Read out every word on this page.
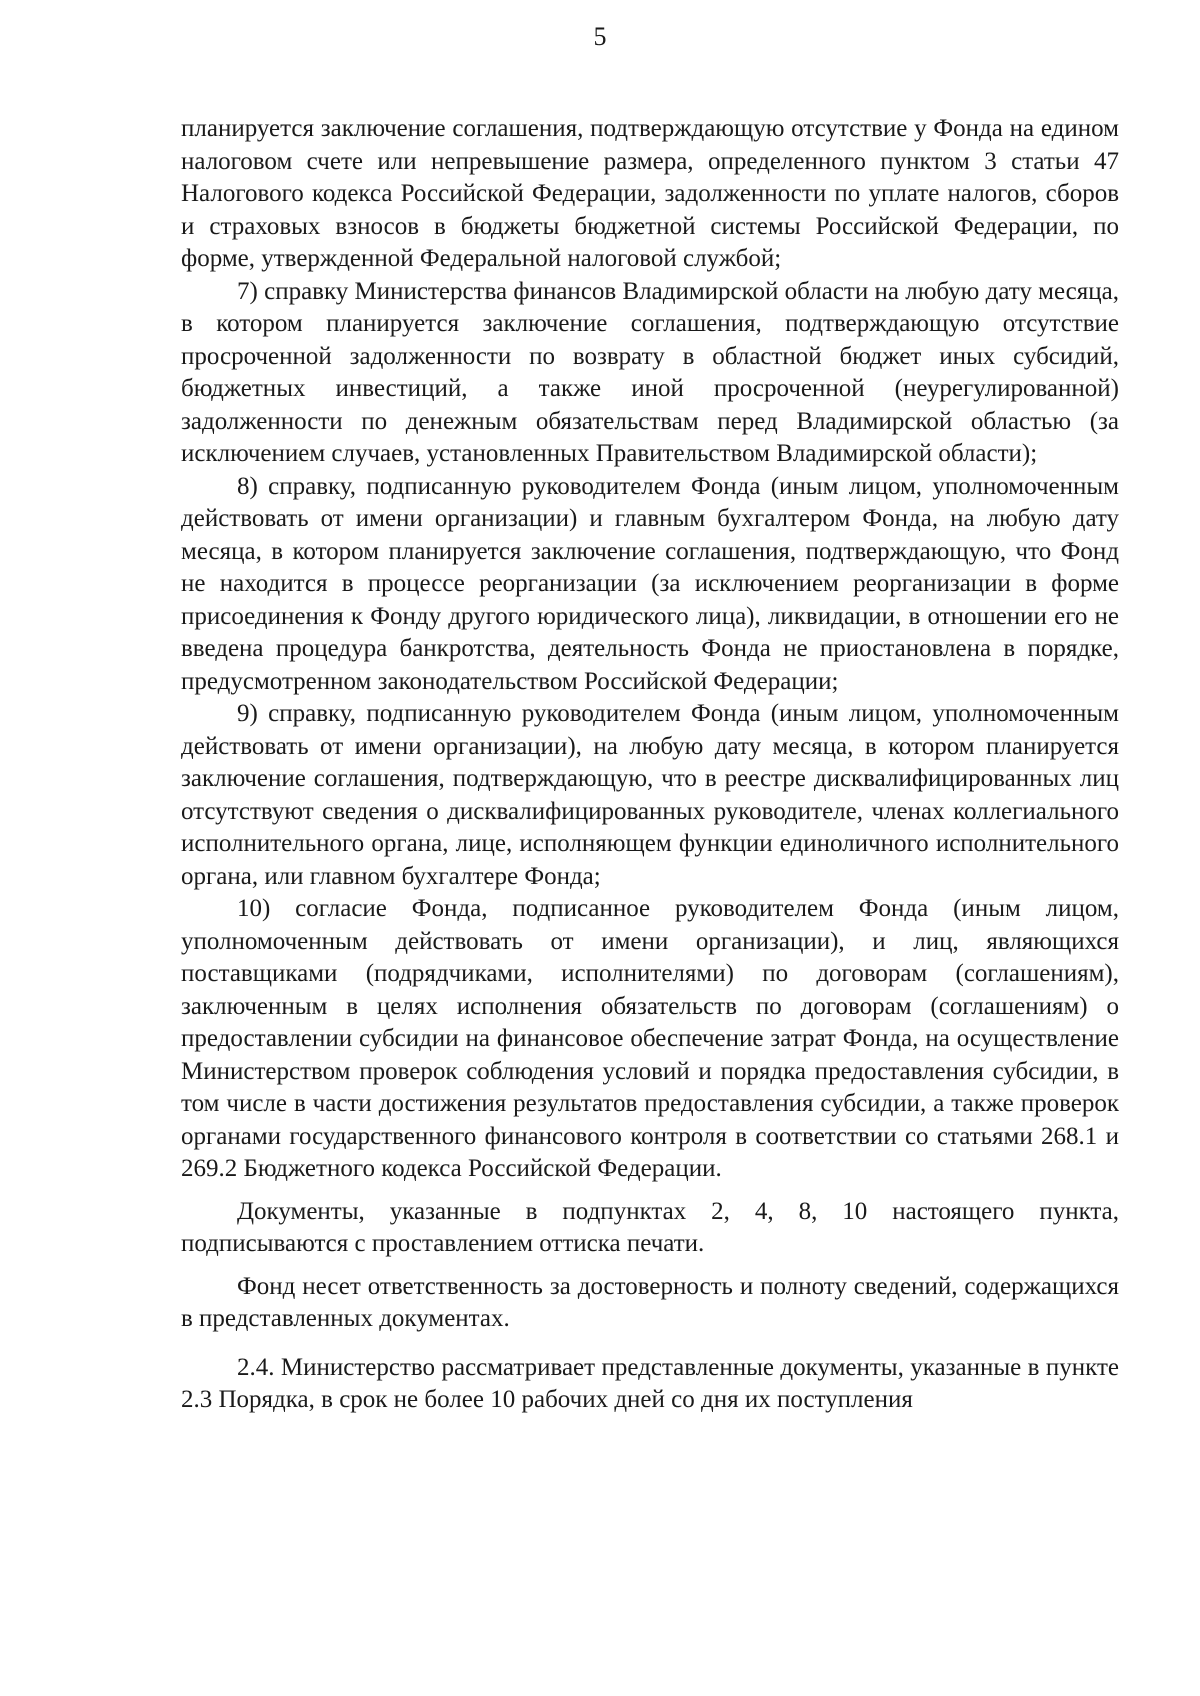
5

планируется заключение соглашения, подтверждающую отсутствие у Фонда на едином налоговом счете или непревышение размера, определенного пунктом 3 статьи 47 Налогового кодекса Российской Федерации, задолженности по уплате налогов, сборов и страховых взносов в бюджеты бюджетной системы Российской Федерации, по форме, утвержденной Федеральной налоговой службой;

7) справку Министерства финансов Владимирской области на любую дату месяца, в котором планируется заключение соглашения, подтверждающую отсутствие просроченной задолженности по возврату в областной бюджет иных субсидий, бюджетных инвестиций, а также иной просроченной (неурегулированной) задолженности по денежным обязательствам перед Владимирской областью (за исключением случаев, установленных Правительством Владимирской области);

8) справку, подписанную руководителем Фонда (иным лицом, уполномоченным действовать от имени организации) и главным бухгалтером Фонда, на любую дату месяца, в котором планируется заключение соглашения, подтверждающую, что Фонд не находится в процессе реорганизации (за исключением реорганизации в форме присоединения к Фонду другого юридического лица), ликвидации, в отношении его не введена процедура банкротства, деятельность Фонда не приостановлена в порядке, предусмотренном законодательством Российской Федерации;

9) справку, подписанную руководителем Фонда (иным лицом, уполномоченным действовать от имени организации), на любую дату месяца, в котором планируется заключение соглашения, подтверждающую, что в реестре дисквалифицированных лиц отсутствуют сведения о дисквалифицированных руководителе, членах коллегиального исполнительного органа, лице, исполняющем функции единоличного исполнительного органа, или главном бухгалтере Фонда;

10) согласие Фонда, подписанное руководителем Фонда (иным лицом, уполномоченным действовать от имени организации), и лиц, являющихся поставщиками (подрядчиками, исполнителями) по договорам (соглашениям), заключенным в целях исполнения обязательств по договорам (соглашениям) о предоставлении субсидии на финансовое обеспечение затрат Фонда, на осуществление Министерством проверок соблюдения условий и порядка предоставления субсидии, в том числе в части достижения результатов предоставления субсидии, а также проверок органами государственного финансового контроля в соответствии со статьями 268.1 и 269.2 Бюджетного кодекса Российской Федерации.

Документы, указанные в подпунктах 2, 4, 8, 10 настоящего пункта, подписываются с проставлением оттиска печати.

Фонд несет ответственность за достоверность и полноту сведений, содержащихся в представленных документах.

2.4. Министерство рассматривает представленные документы, указанные в пункте 2.3 Порядка, в срок не более 10 рабочих дней со дня их поступления
